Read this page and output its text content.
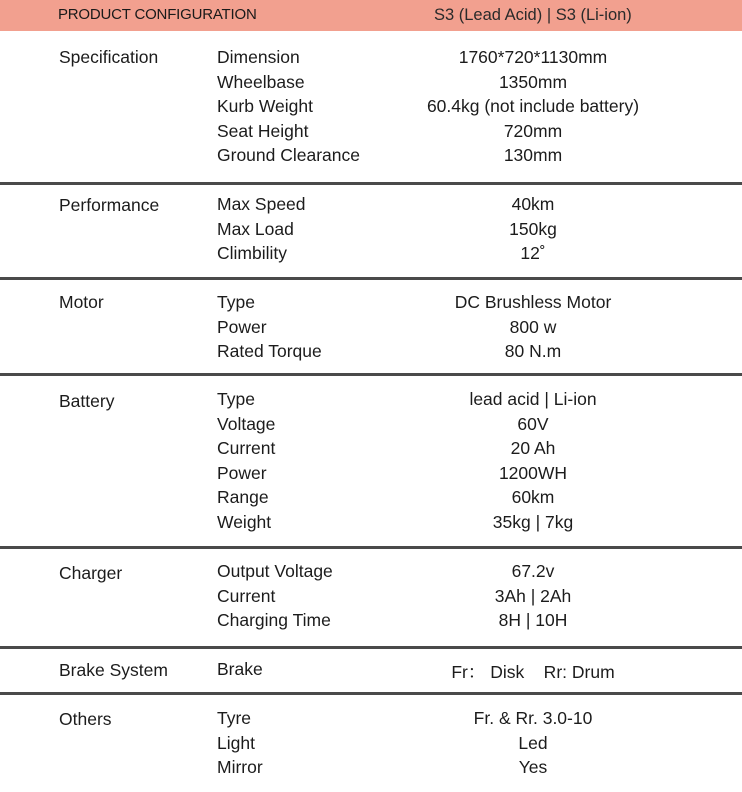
PRODUCT CONFIGURATION	S3 (Lead Acid) | S3 (Li-ion)
Specification	Dimension	1760*720*1130mm
Wheelbase	1350mm
Kurb Weight	60.4kg (not include battery)
Seat Height	720mm
Ground Clearance	130mm
Performance	Max Speed	40km
Max Load	150kg
Climbility	12˚
Motor	Type	DC Brushless Motor
Power	800 w
Rated Torque	80 N.m
Battery	Type	lead acid | Li-ion
Voltage	60V
Current	20 Ah
Power	1200WH
Range	60km
Weight	35kg | 7kg
Charger	Output Voltage	67.2v
Current	3Ah | 2Ah
Charging Time	8H | 10H
Brake System	Brake	Fr： Disk    Rr: Drum
Others	Tyre	Fr. & Rr. 3.0-10
Light	Led
Mirror	Yes
